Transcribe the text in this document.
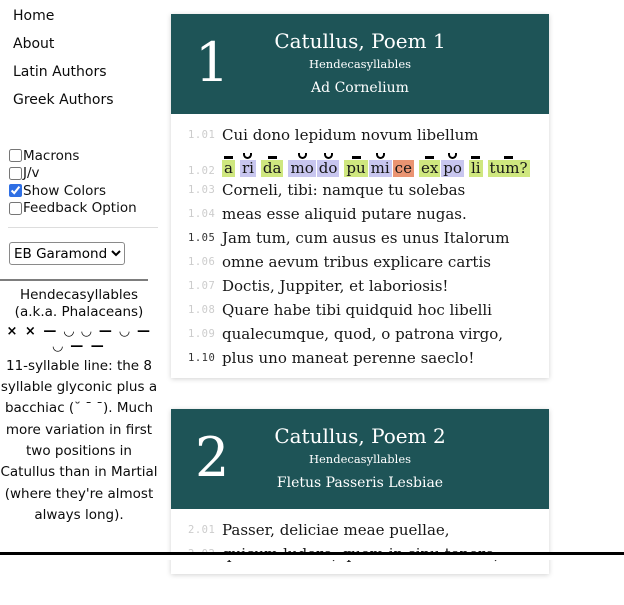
Home
About
Latin Authors
Greek Authors
Macrons
J/v
Show Colors
Feedback Option
EB Garamond
Hendecasyllables (a.k.a. Phalaceans)
× × — ◡ ◡ — ◡ — ◡ — —
11-syllable line: the 8 syllable glyconic plus a bacchiac (˘ ¯ ¯). Much more variation in first two positions in Catullus than in Martial (where they're almost always long).
1	Catullus, Poem 1
Hendecasyllables
Ad Cornelium
1.01 Cui dono lepidum novum libellum
1.02 a ri da mo do pu mi ce ex po li tum?
1.03 Corneli, tibi: namque tu solebas
1.04 meas esse aliquid putare nugas.
1.05 Jam tum, cum ausus es unus Italorum
1.06 omne aevum tribus explicare cartis
1.07 Doctis, Juppiter, et laboriosis!
1.08 Quare habe tibi quidquid hoc libelli
1.09 qualecumque, quod, o patrona virgo,
1.10 plus uno maneat perenne saeclo!
2	Catullus, Poem 2
Hendecasyllables
Fletus Passeris Lesbiae
2.01 Passer, deliciae meae puellae,
